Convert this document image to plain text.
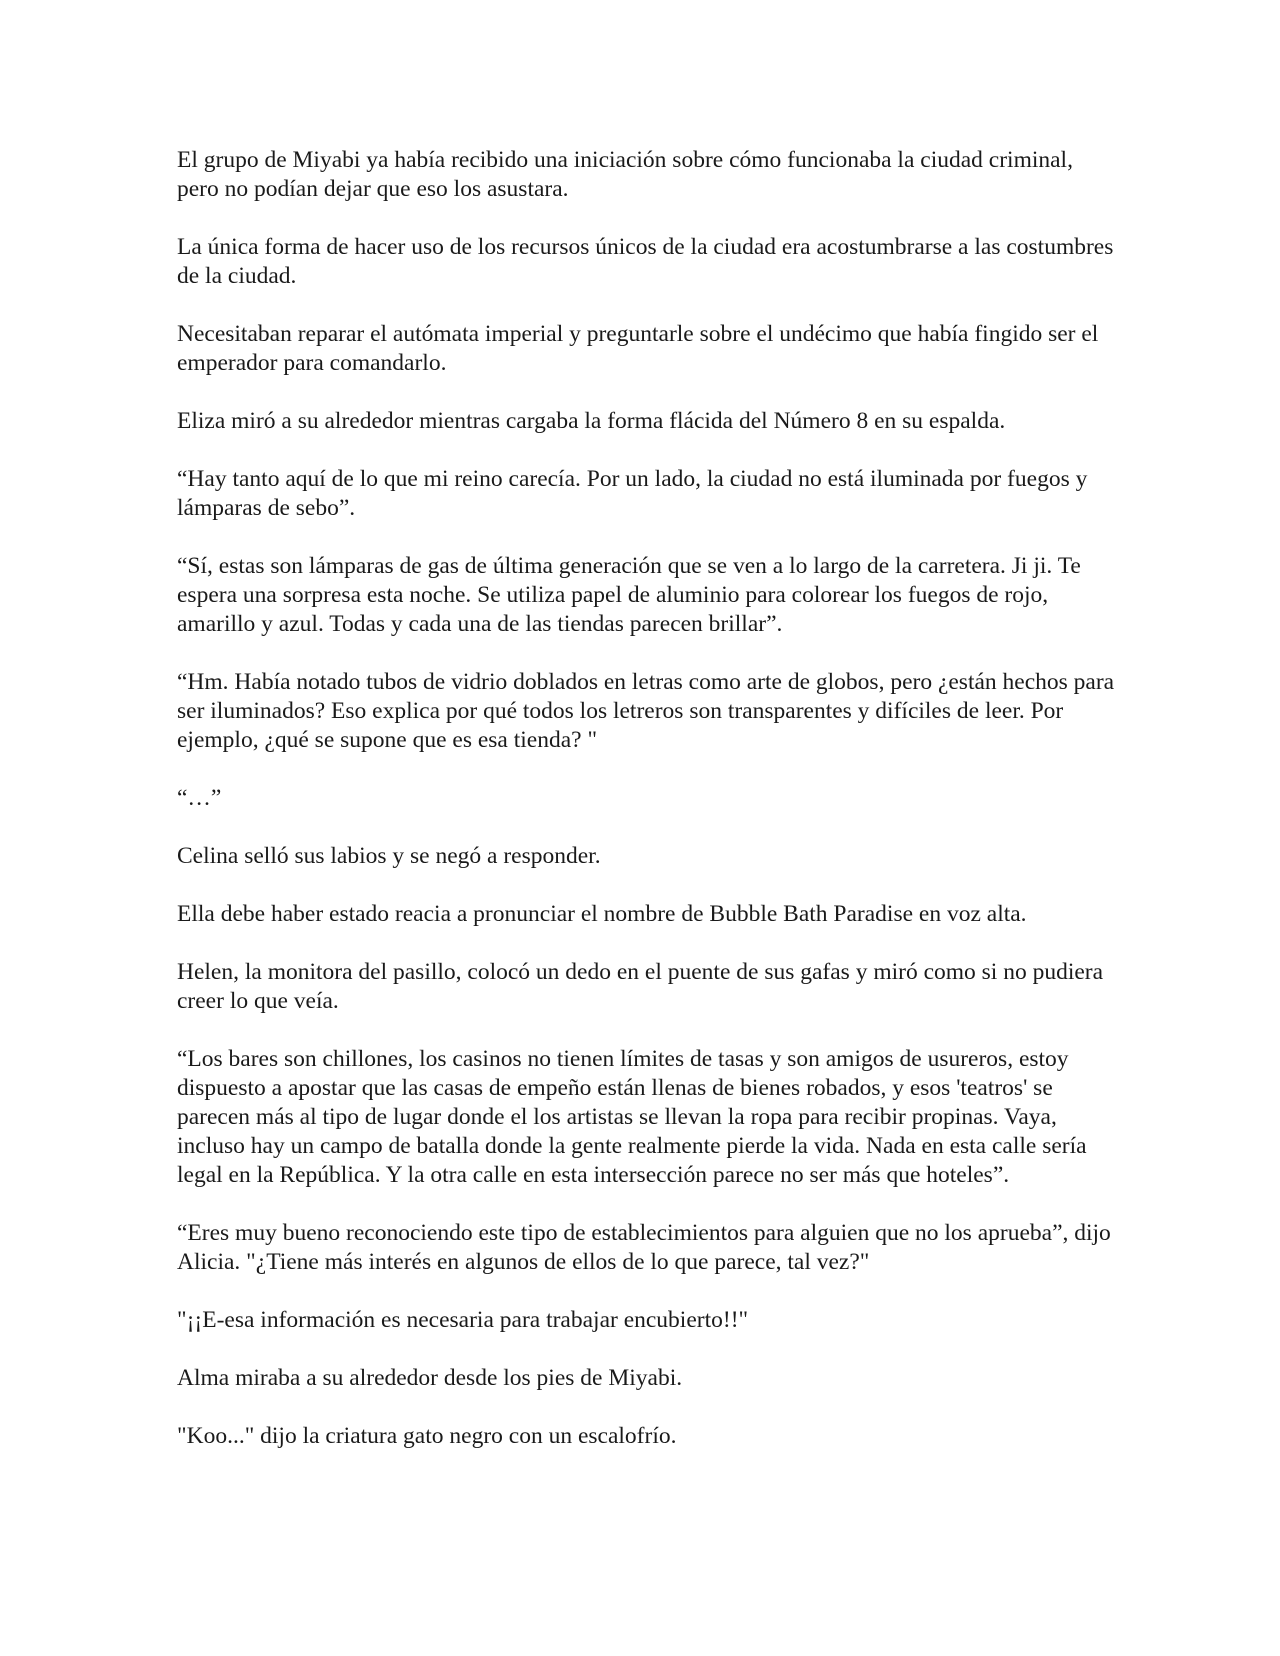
El grupo de Miyabi ya había recibido una iniciación sobre cómo funcionaba la ciudad criminal, pero no podían dejar que eso los asustara.

La única forma de hacer uso de los recursos únicos de la ciudad era acostumbrarse a las costumbres de la ciudad.

Necesitaban reparar el autómata imperial y preguntarle sobre el undécimo que había fingido ser el emperador para comandarlo.

Eliza miró a su alrededor mientras cargaba la forma flácida del Número 8 en su espalda.

“Hay tanto aquí de lo que mi reino carecía. Por un lado, la ciudad no está iluminada por fuegos y lámparas de sebo”.

“Sí, estas son lámparas de gas de última generación que se ven a lo largo de la carretera. Ji ji. Te espera una sorpresa esta noche. Se utiliza papel de aluminio para colorear los fuegos de rojo, amarillo y azul. Todas y cada una de las tiendas parecen brillar”.

“Hm. Había notado tubos de vidrio doblados en letras como arte de globos, pero ¿están hechos para ser iluminados? Eso explica por qué todos los letreros son transparentes y difíciles de leer. Por ejemplo, ¿qué se supone que es esa tienda? "

“…”

Celina selló sus labios y se negó a responder.

Ella debe haber estado reacia a pronunciar el nombre de Bubble Bath Paradise en voz alta.

Helen, la monitora del pasillo, colocó un dedo en el puente de sus gafas y miró como si no pudiera creer lo que veía.

“Los bares son chillones, los casinos no tienen límites de tasas y son amigos de usureros, estoy dispuesto a apostar que las casas de empeño están llenas de bienes robados, y esos 'teatros' se parecen más al tipo de lugar donde el los artistas se llevan la ropa para recibir propinas. Vaya, incluso hay un campo de batalla donde la gente realmente pierde la vida. Nada en esta calle sería legal en la República. Y la otra calle en esta intersección parece no ser más que hoteles”.

“Eres muy bueno reconociendo este tipo de establecimientos para alguien que no los aprueba”, dijo Alicia. "¿Tiene más interés en algunos de ellos de lo que parece, tal vez?"

"¡¡E-esa información es necesaria para trabajar encubierto!!"

Alma miraba a su alrededor desde los pies de Miyabi.

"Koo..." dijo la criatura gato negro con un escalofrío.
